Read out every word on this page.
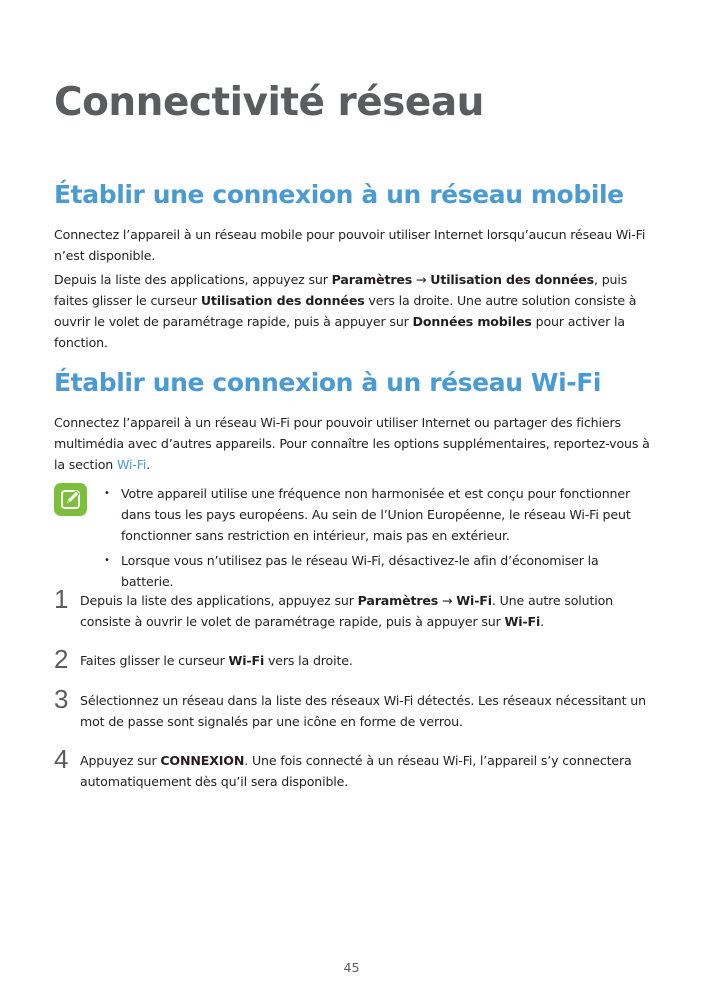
Connectivité réseau
Établir une connexion à un réseau mobile

Connectez l’appareil à un réseau mobile pour pouvoir utiliser Internet lorsqu’aucun réseau Wi-Fi n’est disponible.

Depuis la liste des applications, appuyez sur Paramètres → Utilisation des données, puis faites glisser le curseur Utilisation des données vers la droite. Une autre solution consiste à ouvrir le volet de paramétrage rapide, puis à appuyer sur Données mobiles pour activer la fonction.

Établir une connexion à un réseau Wi-Fi

Connectez l’appareil à un réseau Wi-Fi pour pouvoir utiliser Internet ou partager des fichiers multimédia avec d’autres appareils. Pour connaître les options supplémentaires, reportez-vous à la section Wi-Fi.

• Votre appareil utilise une fréquence non harmonisée et est conçu pour fonctionner dans tous les pays européens. Au sein de l’Union Européenne, le réseau Wi-Fi peut fonctionner sans restriction en intérieur, mais pas en extérieur.
• Lorsque vous n’utilisez pas le réseau Wi-Fi, désactivez-le afin d’économiser la batterie.
1 Depuis la liste des applications, appuyez sur Paramètres → Wi-Fi. Une autre solution consiste à ouvrir le volet de paramétrage rapide, puis à appuyer sur Wi-Fi.

2 Faites glisser le curseur Wi-Fi vers la droite.

3 Sélectionnez un réseau dans la liste des réseaux Wi-Fi détectés. Les réseaux nécessitant un mot de passe sont signalés par une icône en forme de verrou.

4 Appuyez sur CONNEXION. Une fois connecté à un réseau Wi-Fi, l’appareil s’y connectera automatiquement dès qu’il sera disponible.

45
